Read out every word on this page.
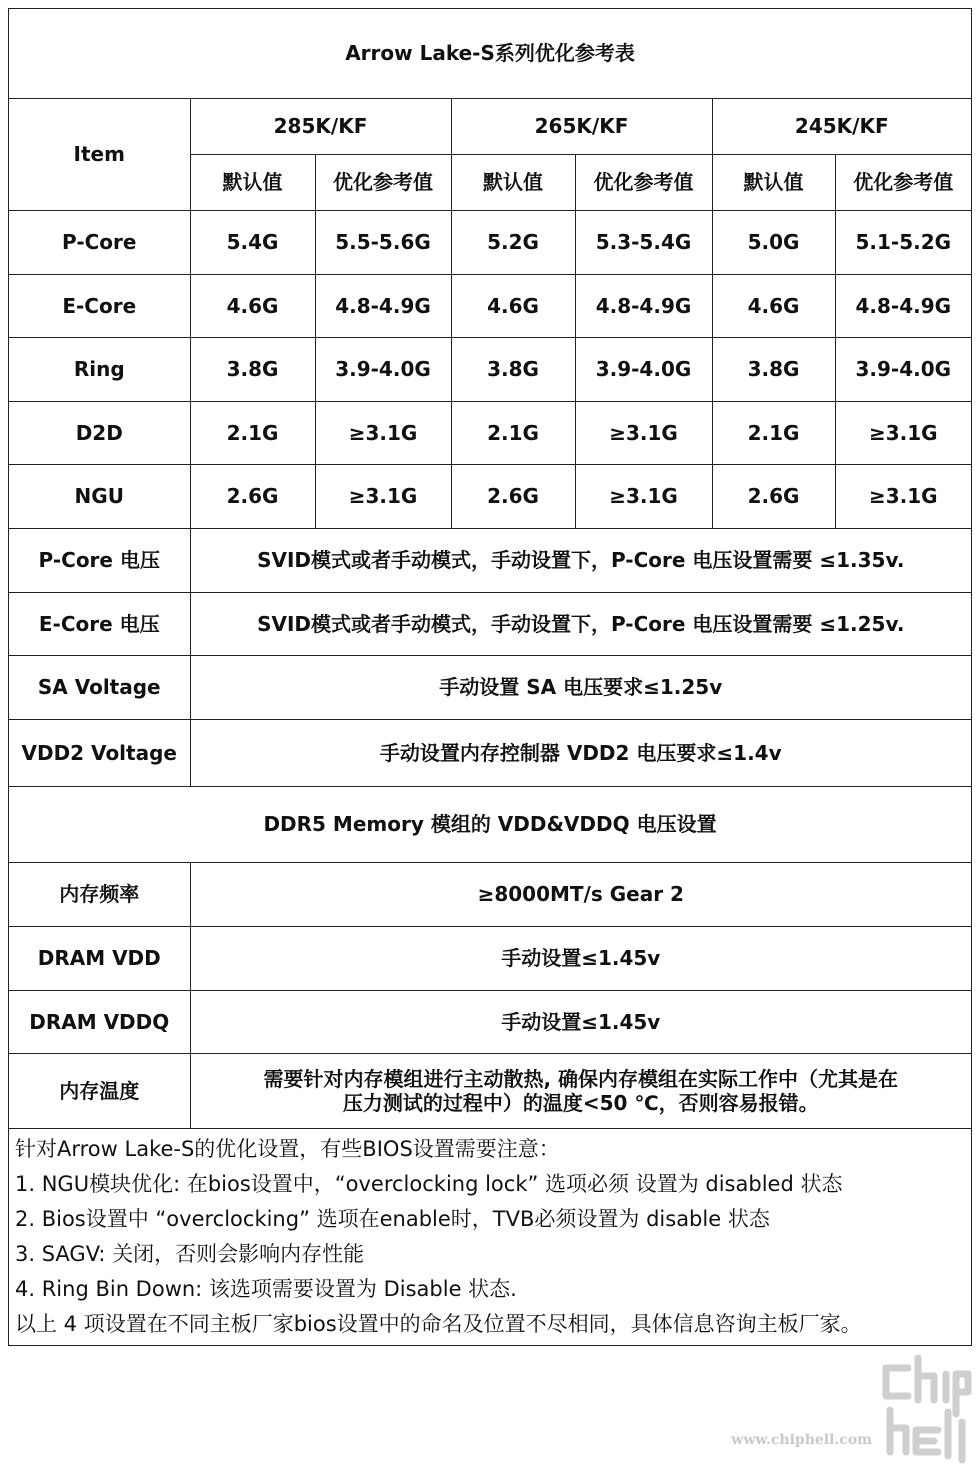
Arrow Lake-S系列优化参考表						
Item	285K/KF		265K/KF		245K/KF	
	默认值	优化参考值	默认值	优化参考值	默认值	优化参考值
P-Core	5.4G	5.5-5.6G	5.2G	5.3-5.4G	5.0G	5.1-5.2G
E-Core	4.6G	4.8-4.9G	4.6G	4.8-4.9G	4.6G	4.8-4.9G
Ring	3.8G	3.9-4.0G	3.8G	3.9-4.0G	3.8G	3.9-4.0G
D2D	2.1G	≥3.1G	2.1G	≥3.1G	2.1G	≥3.1G
NGU	2.6G	≥3.1G	2.6G	≥3.1G	2.6G	≥3.1G
P-Core 电压	SVID模式或者手动模式，手动设置下，P-Core 电压设置需要 ≤1.35v.					
E-Core 电压	SVID模式或者手动模式，手动设置下，P-Core 电压设置需要 ≤1.25v.					
SA Voltage	手动设置 SA 电压要求≤1.25v					
VDD2 Voltage	手动设置内存控制器 VDD2 电压要求≤1.4v					
DDR5 Memory 模组的 VDD&VDDQ 电压设置						
内存频率	≥8000MT/s Gear 2					
DRAM VDD	手动设置≤1.45v					
DRAM VDDQ	手动设置≤1.45v					
内存温度	需要针对内存模组进行主动散热, 确保内存模组在实际工作中（尤其是在
压力测试的过程中）的温度<50 ℃，否则容易报错。					
针对Arrow Lake-S的优化设置，有些BIOS设置需要注意：
1. NGU模块优化: 在bios设置中，“overclocking lock” 选项必须 设置为 disabled 状态
2. Bios设置中 “overclocking” 选项在enable时，TVB必须设置为 disable 状态
3. SAGV: 关闭，否则会影响内存性能
4. Ring Bin Down: 该选项需要设置为 Disable 状态.
以上 4 项设置在不同主板厂家bios设置中的命名及位置不尽相同，具体信息咨询主板厂家。
www.chiphell.com
